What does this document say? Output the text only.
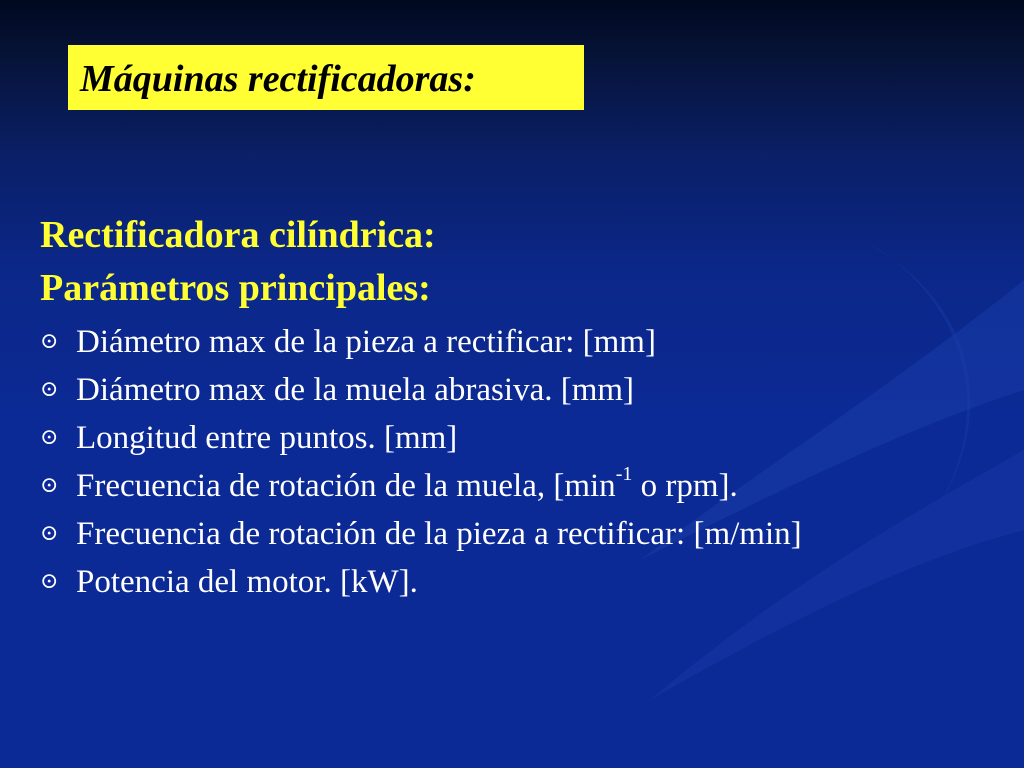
Máquinas rectificadoras:
Rectificadora cilíndrica:
Parámetros principales:
⊙ Diámetro max de la pieza a rectificar: [mm]
⊙ Diámetro max de la muela abrasiva. [mm]
⊙ Longitud entre puntos. [mm]
⊙ Frecuencia de rotación de la muela, [$\min^{-1}$ o rpm].
⊙ Frecuencia de rotación de la pieza a rectificar: [m/min]
⊙ Potencia del motor. [kW].
